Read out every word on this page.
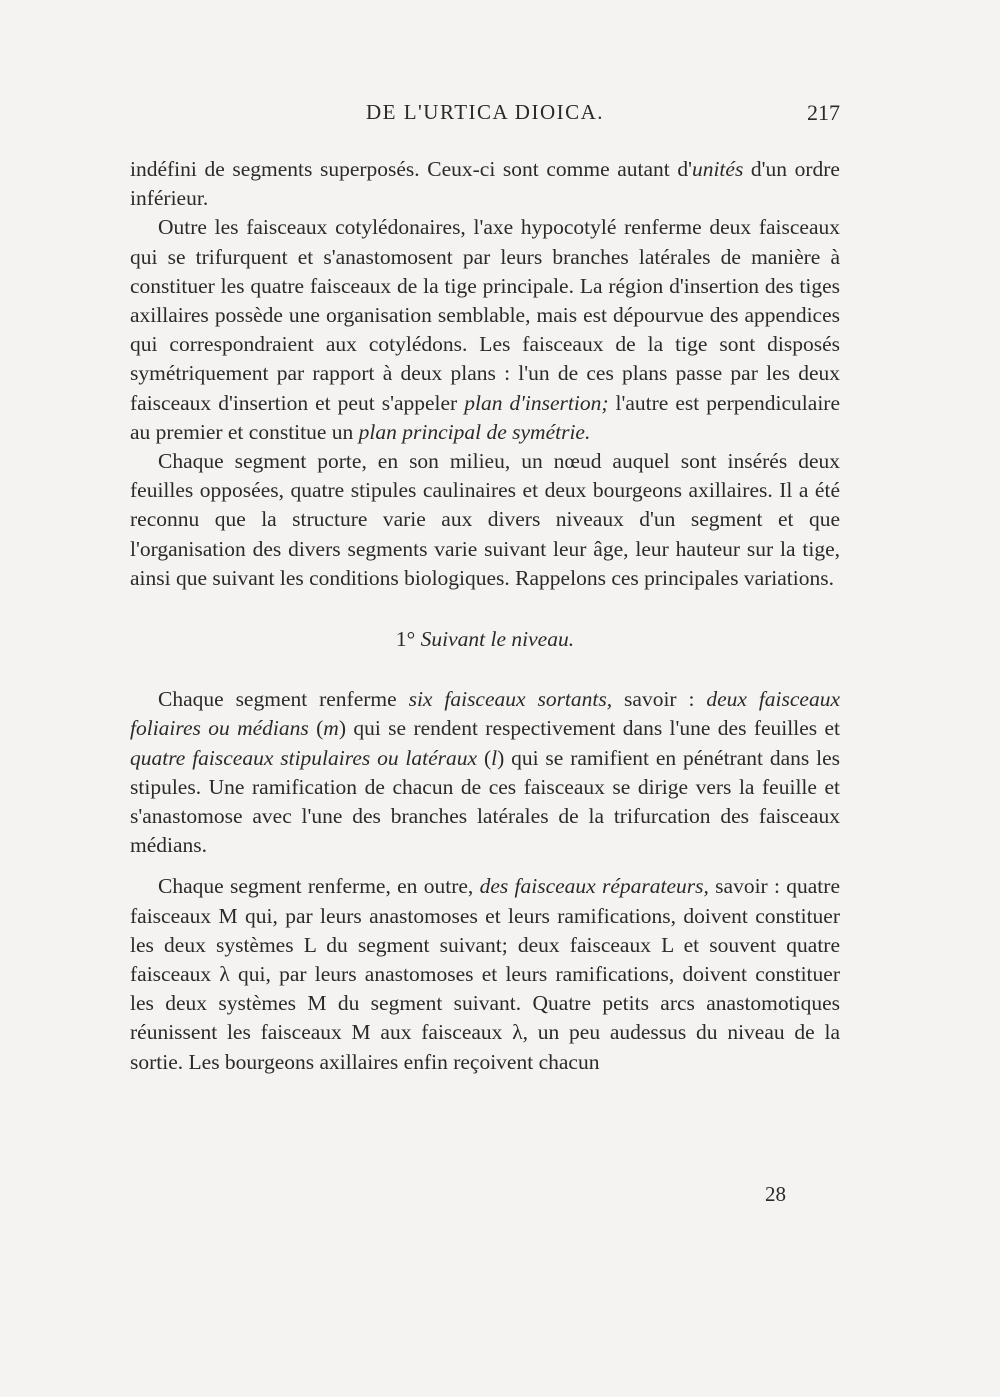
DE L'URTICA DIOICA.	217

indéfini de segments superposés. Ceux-ci sont comme autant d'unités d'un ordre inférieur.

Outre les faisceaux cotylédonaires, l'axe hypocotylé renferme deux faisceaux qui se trifurquent et s'anastomosent par leurs branches latérales de manière à constituer les quatre faisceaux de la tige principale. La région d'insertion des tiges axillaires possède une organisation semblable, mais est dépourvue des appendices qui correspondraient aux cotylédons. Les faisceaux de la tige sont disposés symétriquement par rapport à deux plans : l'un de ces plans passe par les deux faisceaux d'insertion et peut s'appeler plan d'insertion; l'autre est perpendiculaire au premier et constitue un plan principal de symétrie.

Chaque segment porte, en son milieu, un nœud auquel sont insérés deux feuilles opposées, quatre stipules caulinaires et deux bourgeons axillaires. Il a été reconnu que la structure varie aux divers niveaux d'un segment et que l'organisation des divers segments varie suivant leur âge, leur hauteur sur la tige, ainsi que suivant les conditions biologiques. Rappelons ces principales variations.

1° Suivant le niveau.

Chaque segment renferme six faisceaux sortants, savoir : deux faisceaux foliaires ou médians (m) qui se rendent respectivement dans l'une des feuilles et quatre faisceaux stipulaires ou latéraux (l) qui se ramifient en pénétrant dans les stipules. Une ramification de chacun de ces faisceaux se dirige vers la feuille et s'anastomose avec l'une des branches latérales de la trifurcation des faisceaux médians.

Chaque segment renferme, en outre, des faisceaux réparateurs, savoir : quatre faisceaux M qui, par leurs anastomoses et leurs ramifications, doivent constituer les deux systèmes L du segment suivant; deux faisceaux L et souvent quatre faisceaux λ qui, par leurs anastomoses et leurs ramifications, doivent constituer les deux systèmes M du segment suivant. Quatre petits arcs anastomotiques réunissent les faisceaux M aux faisceaux λ, un peu audessus du niveau de la sortie. Les bourgeons axillaires enfin reçoivent chacun

28
